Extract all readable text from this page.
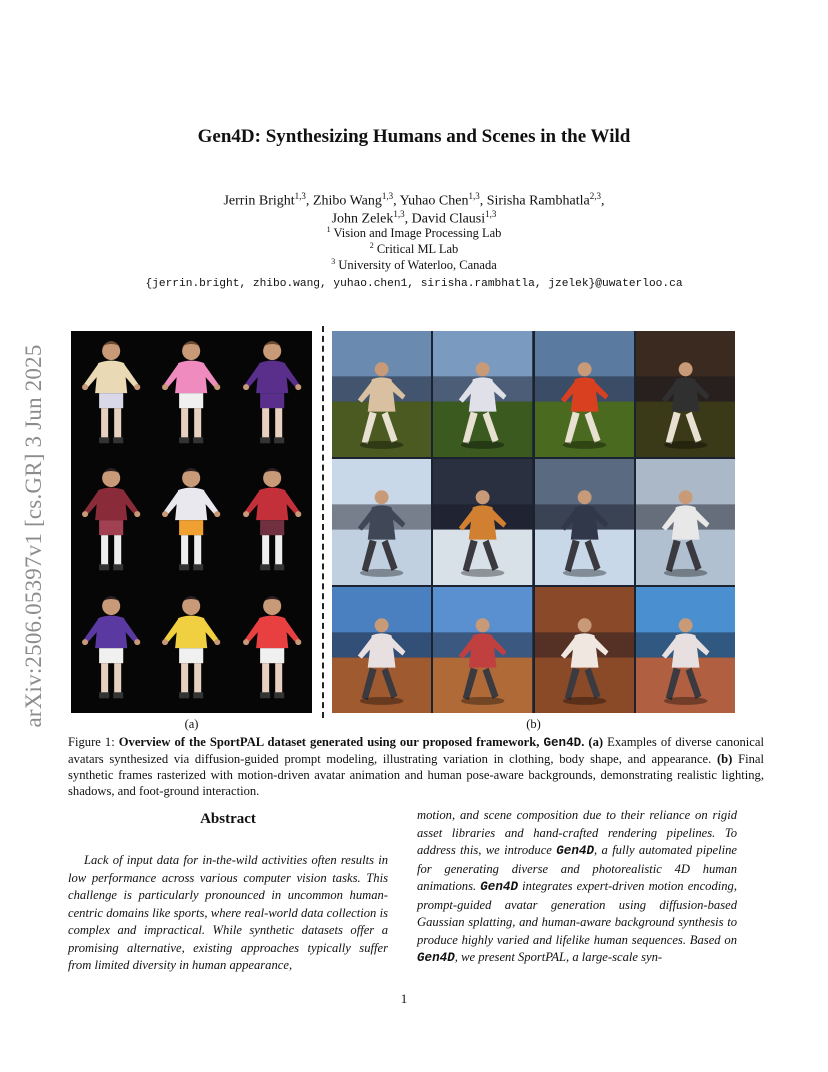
arXiv:2506.05397v1 [cs.GR] 3 Jun 2025
Gen4D: Synthesizing Humans and Scenes in the Wild
Jerrin Bright$^{1,3}$, Zhibo Wang$^{1,3}$, Yuhao Chen$^{1,3}$, Sirisha Rambhatla$^{2,3}$,
John Zelek$^{1,3}$, David Clausi$^{1,3}$
$^1$ Vision and Image Processing Lab
$^2$ Critical ML Lab
$^3$ University of Waterloo, Canada
{jerrin.bright, zhibo.wang, yuhao.chen1, sirisha.rambhatla, jzelek}@uwaterloo.ca
(a)	(b)
Figure 1: Overview of the SportPAL dataset generated using our proposed framework, Gen4D. (a) Examples of diverse canonical avatars synthesized via diffusion-guided prompt modeling, illustrating variation in clothing, body shape, and appearance. (b) Final synthetic frames rasterized with motion-driven avatar animation and human pose-aware backgrounds, demonstrating realistic lighting, shadows, and foot-ground interaction.
Abstract
Lack of input data for in-the-wild activities often results in low performance across various computer vision tasks. This challenge is particularly pronounced in uncommon human-centric domains like sports, where real-world data collection is complex and impractical. While synthetic datasets offer a promising alternative, existing approaches typically suffer from limited diversity in human appearance,
motion, and scene composition due to their reliance on rigid asset libraries and hand-crafted rendering pipelines. To address this, we introduce Gen4D, a fully automated pipeline for generating diverse and photorealistic 4D human animations. Gen4D integrates expert-driven motion encoding, prompt-guided avatar generation using diffusion-based Gaussian splatting, and human-aware background synthesis to produce highly varied and lifelike human sequences. Based on Gen4D, we present SportPAL, a large-scale syn-
1
